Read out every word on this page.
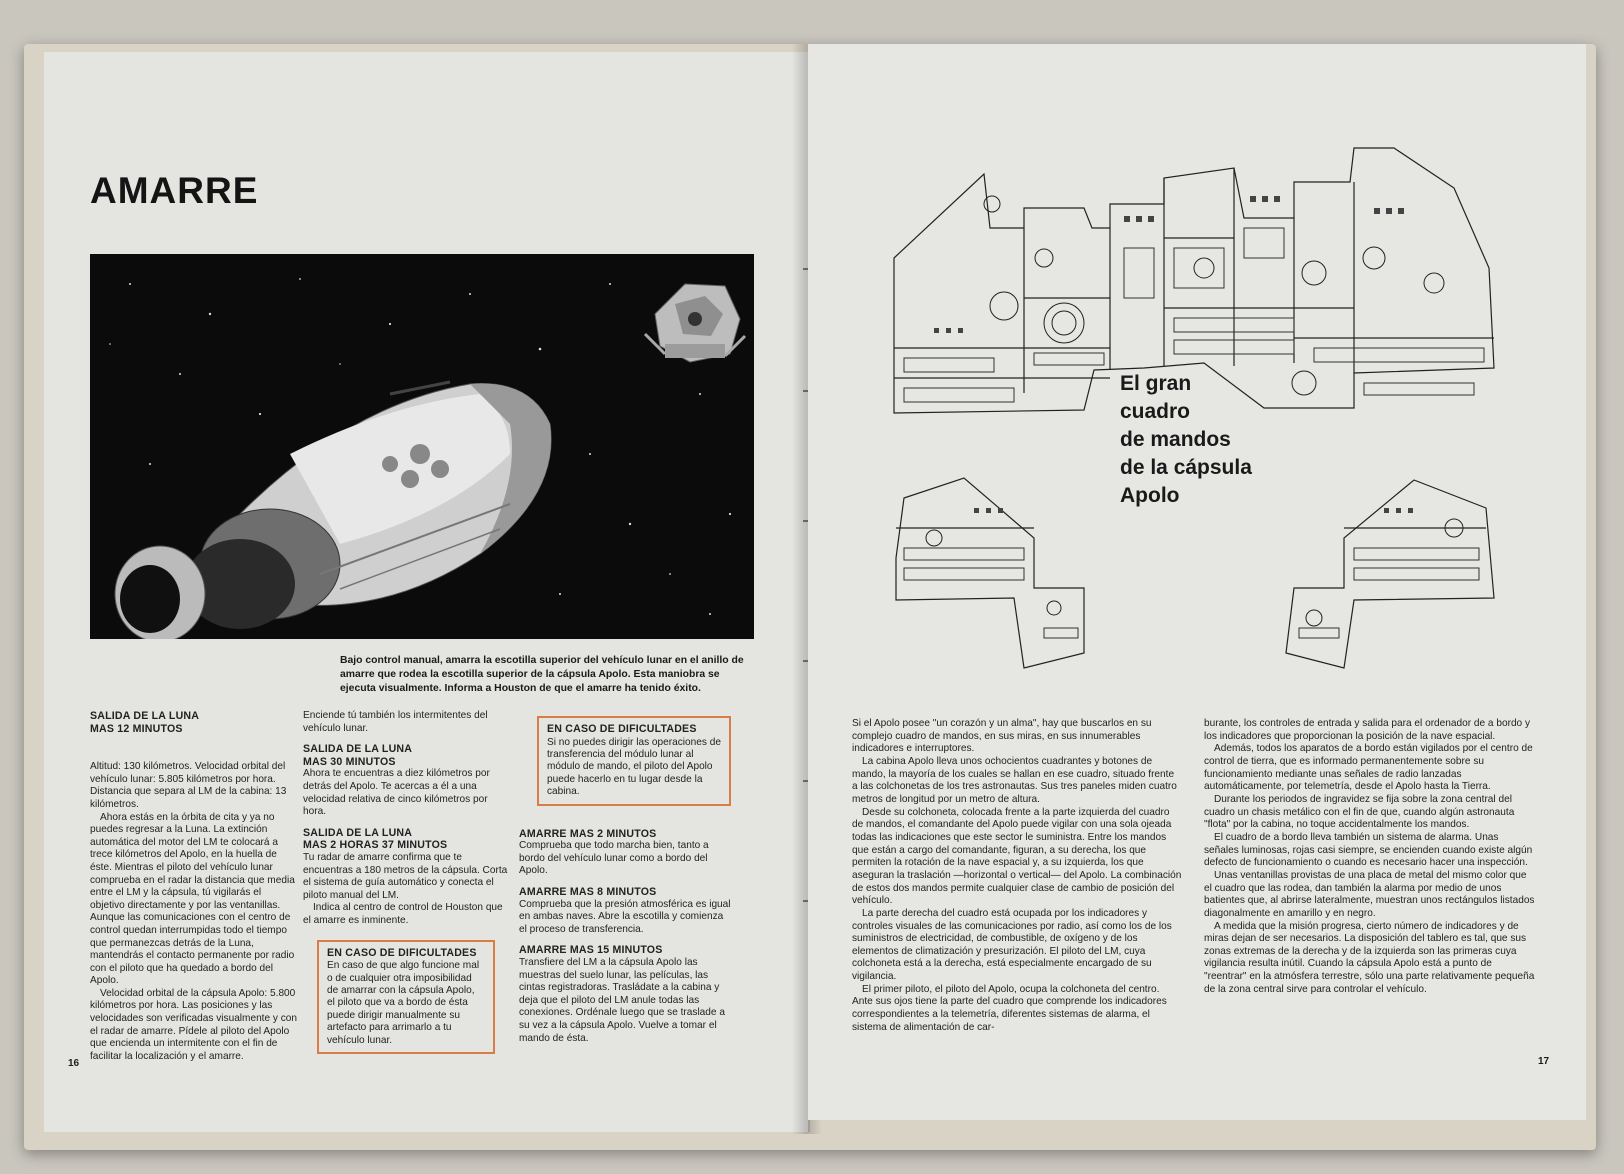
AMARRE
Bajo control manual, amarra la escotilla superior del vehículo lunar en el anillo de amarre que rodea la escotilla superior de la cápsula Apolo. Esta maniobra se ejecuta visualmente. Informa a Houston de que el amarre ha tenido éxito.
SALIDA DE LA LUNA
MAS 12 MINUTOS

Altitud: 130 kilómetros. Velocidad orbital del vehículo lunar: 5.805 kilómetros por hora. Distancia que separa al LM de la cabina: 13 kilómetros.

Ahora estás en la órbita de cita y ya no puedes regresar a la Luna. La extinción automática del motor del LM te colocará a trece kilómetros del Apolo, en la huella de éste. Mientras el piloto del vehículo lunar comprueba en el radar la distancia que media entre el LM y la cápsula, tú vigilarás el objetivo directamente y por las ventanillas. Aunque las comunicaciones con el centro de control quedan interrumpidas todo el tiempo que permanezcas detrás de la Luna, mantendrás el contacto permanente por radio con el piloto que ha quedado a bordo del Apolo.

Velocidad orbital de la cápsula Apolo: 5.800 kilómetros por hora. Las posiciones y las velocidades son verificadas visualmente y con el radar de amarre. Pídele al piloto del Apolo que encienda un intermitente con el fin de facilitar la localización y el amarre.

Enciende tú también los intermitentes del vehículo lunar.

SALIDA DE LA LUNA
MAS 30 MINUTOS

Ahora te encuentras a diez kilómetros por detrás del Apolo. Te acercas a él a una velocidad relativa de cinco kilómetros por hora.

SALIDA DE LA LUNA
MAS 2 HORAS 37 MINUTOS

Tu radar de amarre confirma que te encuentras a 180 metros de la cápsula. Corta el sistema de guía automático y conecta el piloto manual del LM.

Indica al centro de control de Houston que el amarre es inminente.

EN CASO DE DIFICULTADES
En caso de que algo funcione mal o de cualquier otra imposibilidad de amarrar con la cápsula Apolo, el piloto que va a bordo de ésta puede dirigir manualmente su artefacto para arrimarlo a tu vehículo lunar.
EN CASO DE DIFICULTADES
Si no puedes dirigir las operaciones de transferencia del módulo lunar al módulo de mando, el piloto del Apolo puede hacerlo en tu lugar desde la cabina.
AMARRE MAS 2 MINUTOS

Comprueba que todo marcha bien, tanto a bordo del vehículo lunar como a bordo del Apolo.

AMARRE MAS 8 MINUTOS

Comprueba que la presión atmosférica es igual en ambas naves. Abre la escotilla y comienza el proceso de transferencia.

AMARRE MAS 15 MINUTOS

Transfiere del LM a la cápsula Apolo las muestras del suelo lunar, las películas, las cintas registradoras. Trasládate a la cabina y deja que el piloto del LM anule todas las conexiones. Ordénale luego que se traslade a su vez a la cápsula Apolo. Vuelve a tomar el mando de ésta.

16
El gran
cuadro
de mandos
de la cápsula
Apolo

Si el Apolo posee "un corazón y un alma", hay que buscarlos en su complejo cuadro de mandos, en sus miras, en sus innumerables indicadores e interruptores.

La cabina Apolo lleva unos ochocientos cuadrantes y botones de mando, la mayoría de los cuales se hallan en ese cuadro, situado frente a las colchonetas de los tres astronautas. Sus tres paneles miden cuatro metros de longitud por un metro de altura.

Desde su colchoneta, colocada frente a la parte izquierda del cuadro de mandos, el comandante del Apolo puede vigilar con una sola ojeada todas las indicaciones que este sector le suministra. Entre los mandos que están a cargo del comandante, figuran, a su derecha, los que permiten la rotación de la nave espacial y, a su izquierda, los que aseguran la traslación —horizontal o vertical— del Apolo. La combinación de estos dos mandos permite cualquier clase de cambio de posición del vehículo.

La parte derecha del cuadro está ocupada por los indicadores y controles visuales de las comunicaciones por radio, así como los de los suministros de electricidad, de combustible, de oxígeno y de los elementos de climatización y presurización. El piloto del LM, cuya colchoneta está a la derecha, está especialmente encargado de su vigilancia.

El primer piloto, el piloto del Apolo, ocupa la colchoneta del centro. Ante sus ojos tiene la parte del cuadro que comprende los indicadores correspondientes a la telemetría, diferentes sistemas de alarma, el sistema de alimentación de car-

burante, los controles de entrada y salida para el ordenador de a bordo y los indicadores que proporcionan la posición de la nave espacial.

Además, todos los aparatos de a bordo están vigilados por el centro de control de tierra, que es informado permanentemente sobre su funcionamiento mediante unas señales de radio lanzadas automáticamente, por telemetría, desde el Apolo hasta la Tierra.

Durante los periodos de ingravidez se fija sobre la zona central del cuadro un chasis metálico con el fin de que, cuando algún astronauta "flota" por la cabina, no toque accidentalmente los mandos.

El cuadro de a bordo lleva también un sistema de alarma. Unas señales luminosas, rojas casi siempre, se encienden cuando existe algún defecto de funcionamiento o cuando es necesario hacer una inspección.

Unas ventanillas provistas de una placa de metal del mismo color que el cuadro que las rodea, dan también la alarma por medio de unos batientes que, al abrirse lateralmente, muestran unos rectángulos listados diagonalmente en amarillo y en negro.

A medida que la misión progresa, cierto número de indicadores y de miras dejan de ser necesarios. La disposición del tablero es tal, que sus zonas extremas de la derecha y de la izquierda son las primeras cuya vigilancia resulta inútil. Cuando la cápsula Apolo está a punto de "reentrar" en la atmósfera terrestre, sólo una parte relativamente pequeña de la zona central sirve para controlar el vehículo.

17
